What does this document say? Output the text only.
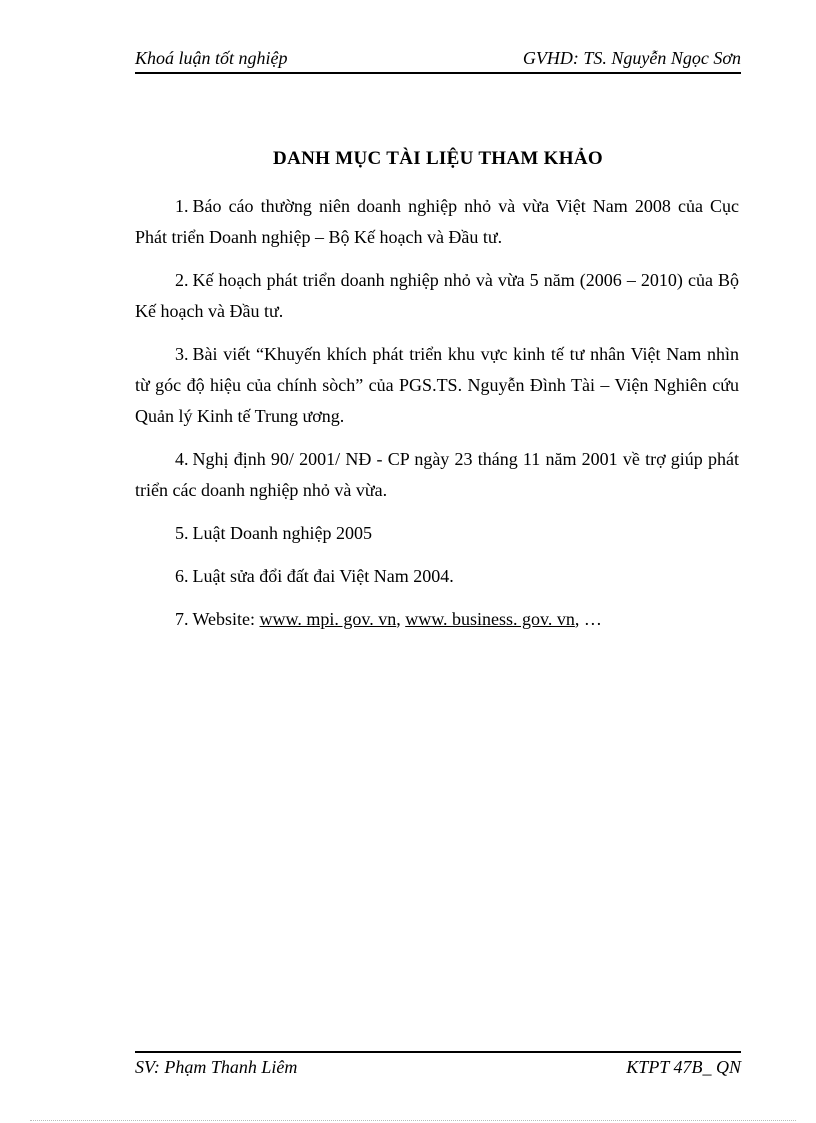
Khoá luận tốt nghiệp	GVHD: TS. Nguyễn Ngọc Sơn
DANH MỤC TÀI LIỆU THAM KHẢO
1. Báo cáo thường niên doanh nghiệp nhỏ và vừa Việt Nam 2008 của Cục Phát triển Doanh nghiệp – Bộ Kế hoạch và Đầu tư.
2. Kế hoạch phát triển doanh nghiệp nhỏ và vừa 5 năm (2006 – 2010) của Bộ Kế hoạch và Đầu tư.
3. Bài viết “Khuyến khích phát triển khu vực kinh tế tư nhân Việt Nam nhìn từ góc độ hiệu của chính sòch” của PGS.TS. Nguyễn Đình Tài – Viện Nghiên cứu Quản lý Kinh tế Trung ương.
4. Nghị định 90/ 2001/ NĐ - CP ngày 23 tháng 11 năm 2001 về trợ giúp phát triển các doanh nghiệp nhỏ và vừa.
5. Luật Doanh nghiệp 2005
6. Luật sửa đổi đất đai Việt Nam 2004.
7. Website: www. mpi. gov. vn, www. business. gov. vn, …
SV: Phạm Thanh Liêm	KTPT 47B_ QN
